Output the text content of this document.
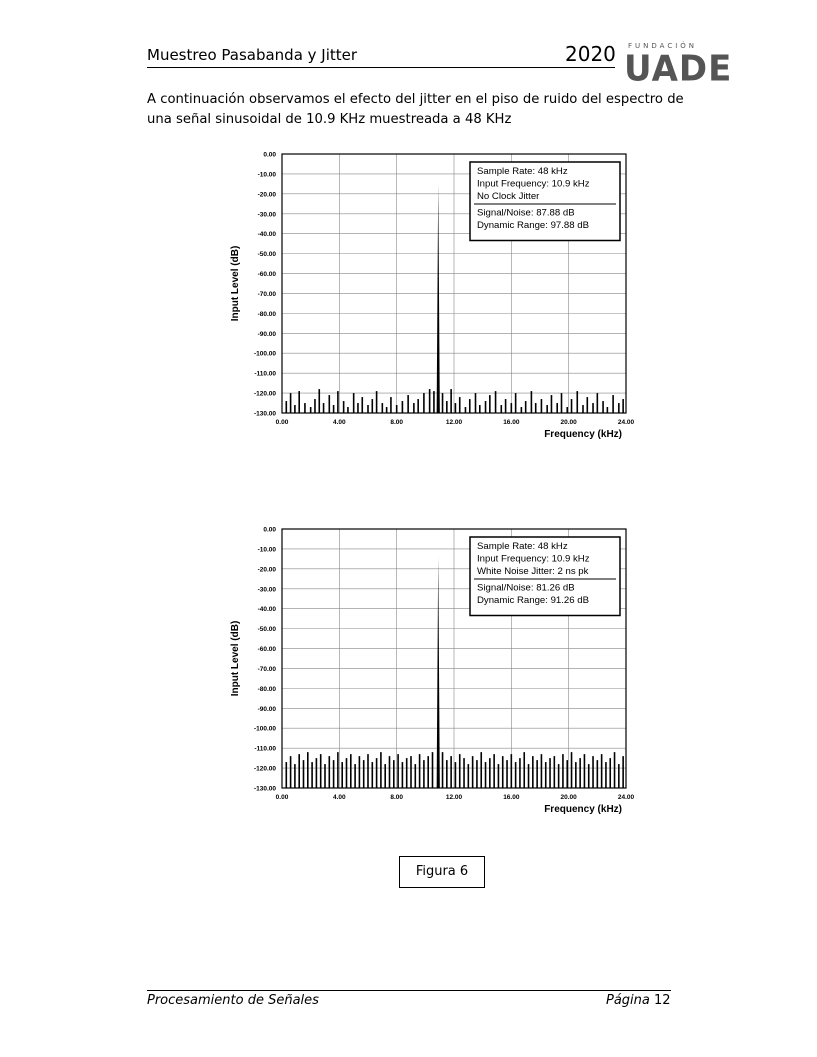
Muestreo Pasabanda y Jitter	2020 FUNDACIÓN
UADE

A continuación observamos el efecto del jitter en el piso de ruido del espectro de una señal sinusoidal de 10.9 KHz muestreada a 48 KHz

0.00
-10.00
-20.00
-30.00
-40.00
-50.00
-60.00
-70.00
-80.00
-90.00
-100.00
-110.00
-120.00
-130.00
0.00	4.00	8.00	12.00	16.00	20.00	24.00
Frequency (kHz)
Input Level (dB)
Sample Rate: 48 kHz
Input Frequency: 10.9 kHz
No Clock Jitter
Signal/Noise: 87.88 dB
Dynamic Range: 97.88 dB
0.00
-10.00
-20.00
-30.00
-40.00
-50.00
-60.00
-70.00
-80.00
-90.00
-100.00
-110.00
-120.00
-130.00
0.00	4.00	8.00	12.00	16.00	20.00	24.00
Frequency (kHz)
Input Level (dB)
Sample Rate: 48 kHz
Input Frequency: 10.9 kHz
White Noise Jitter: 2 ns pk
Signal/Noise: 81.26 dB
Dynamic Range: 91.26 dB
Figura 6
Procesamiento de Señales	Página 12
